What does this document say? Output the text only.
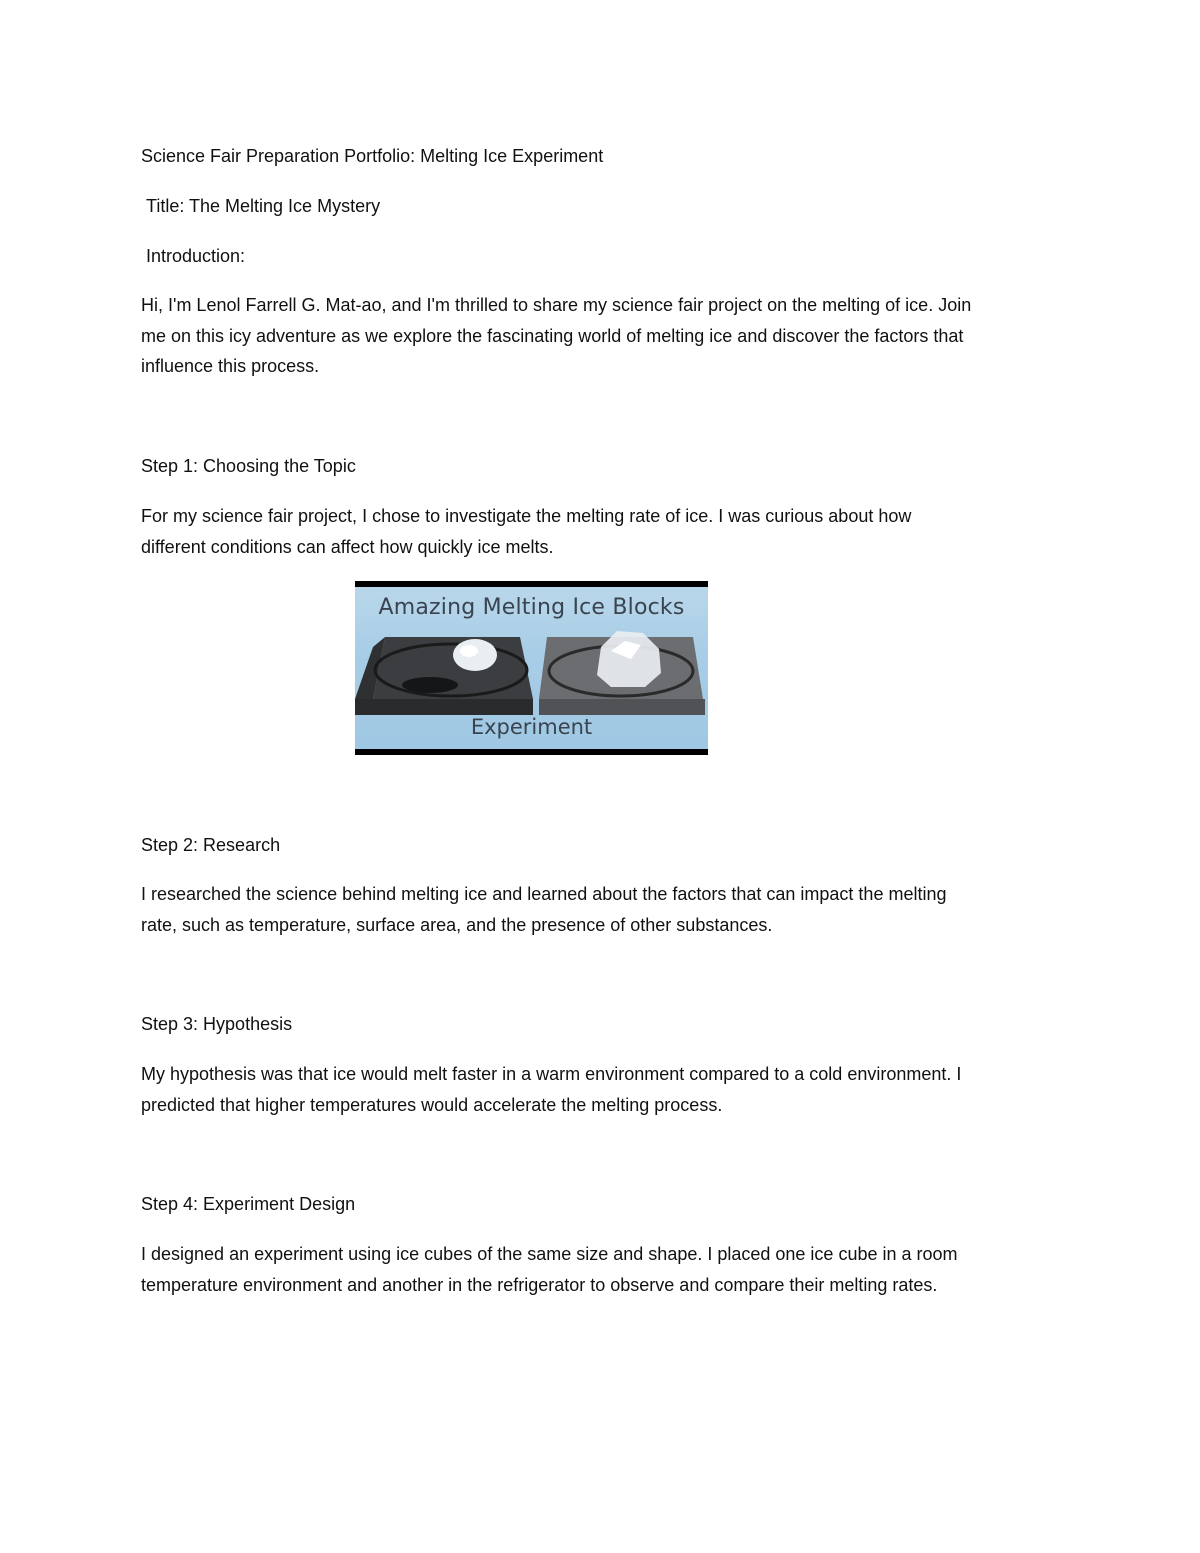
Science Fair Preparation Portfolio: Melting Ice Experiment
Title: The Melting Ice Mystery
Introduction:
Hi, I'm Lenol Farrell G. Mat-ao, and I'm thrilled to share my science fair project on the melting of ice. Join
me on this icy adventure as we explore the fascinating world of melting ice and discover the factors that
influence this process.
Step 1: Choosing the Topic
For my science fair project, I chose to investigate the melting rate of ice. I was curious about how
different conditions can affect how quickly ice melts.
Amazing Melting Ice Blocks
Experiment
Step 2: Research
I researched the science behind melting ice and learned about the factors that can impact the melting
rate, such as temperature, surface area, and the presence of other substances.
Step 3: Hypothesis
My hypothesis was that ice would melt faster in a warm environment compared to a cold environment. I
predicted that higher temperatures would accelerate the melting process.
Step 4: Experiment Design
I designed an experiment using ice cubes of the same size and shape. I placed one ice cube in a room
temperature environment and another in the refrigerator to observe and compare their melting rates.
